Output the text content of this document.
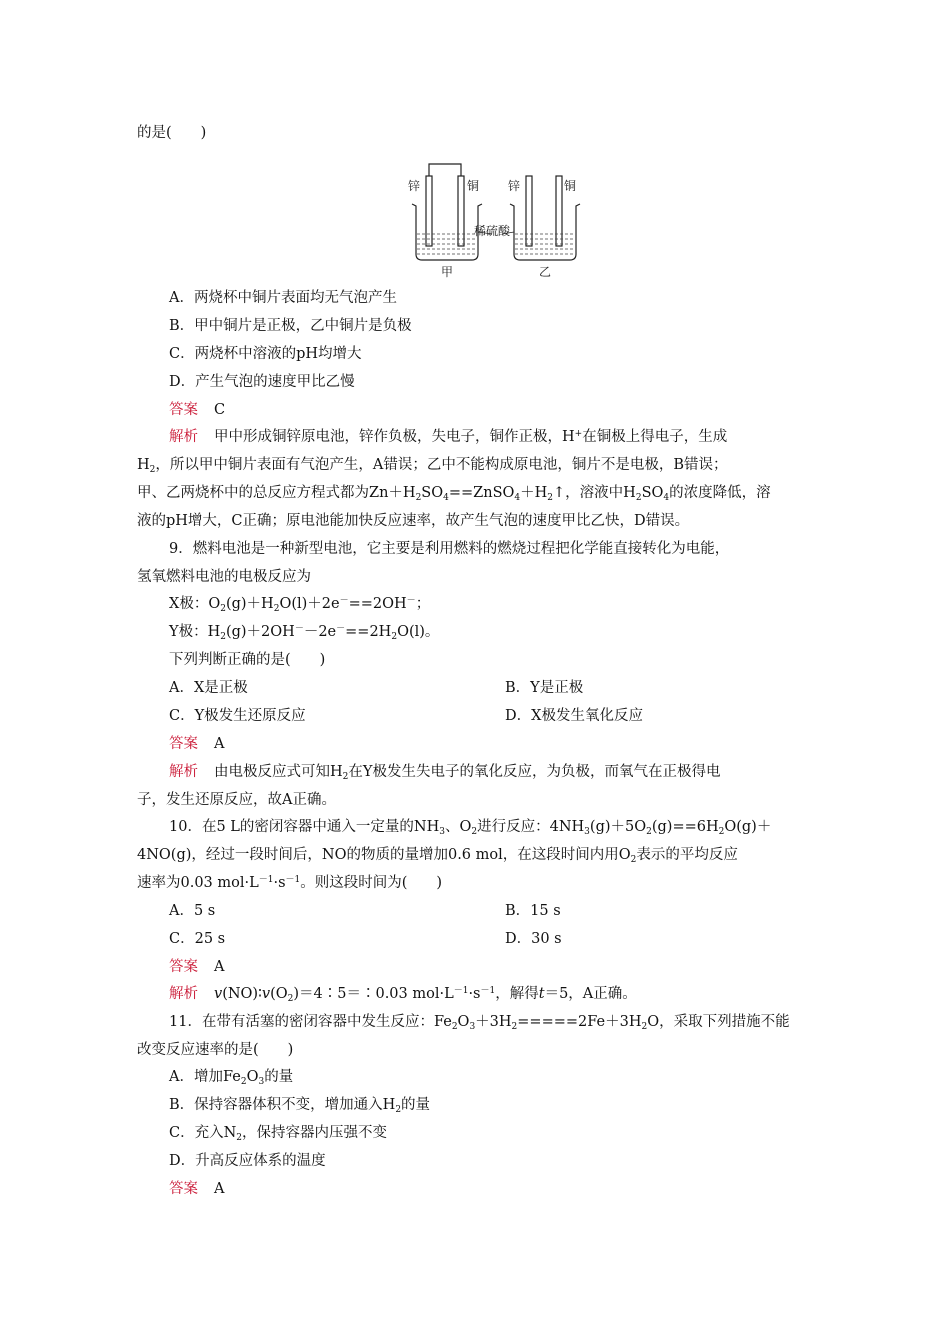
的是(　　)
锌	铜 锌	铜
稀硫酸
甲	乙
A．两烧杯中铜片表面均无气泡产生
B．甲中铜片是正极，乙中铜片是负极
C．两烧杯中溶液的pH均增大
D．产生气泡的速度甲比乙慢
答案 C
解析 甲中形成铜锌原电池，锌作负极，失电子，铜作正极，H+在铜极上得电子，生成
$H_2$，所以甲中铜片表面有气泡产生，A错误；乙中不能构成原电池，铜片不是电极，B错误；
甲、乙两烧杯中的总反应方程式都为$Zn+H_2SO_4==ZnSO_4+H_2↑$，溶液中$H_2SO_4$的浓度降低，溶
液的pH增大，C正确；原电池能加快反应速率，故产生气泡的速度甲比乙快，D错误。
9．燃料电池是一种新型电池，它主要是利用燃料的燃烧过程把化学能直接转化为电能，
氢氧燃料电池的电极反应为
X极：$O_2(g)+H_2O(l)+2e^-==2OH^-$；
Y极：$H_2(g)+2OH^--2e^-==2H_2O(l)$。
下列判断正确的是(　　)
A．X是正极	B．Y是正极
C．Y极发生还原反应	D．X极发生氧化反应
答案 A
解析 由电极反应式可知$H_2$在Y极发生失电子的氧化反应，为负极，而氧气在正极得电
子，发生还原反应，故A正确。
10．在5 L的密闭容器中通入一定量的$NH_3$、$O_2$进行反应：$4NH_3(g)+5O_2(g)==6H_2O(g)+$
4NO(g)，经过一段时间后，NO的物质的量增加0.6 mol，在这段时间内用$O_2$表示的平均反应
速率为0.03 $mol\cdot L^{-1}\cdot s^{-1}$。则这段时间为(　　)
A．5 s	B．15 s
C．25 s	D．30 s
答案 A
解析 $v(NO)∶v(O_2)=4∶5=∶0.03$ $mol\cdot L^{-1}\cdot s^{-1}$，解得t＝5，A正确。
11．在带有活塞的密闭容器中发生反应：$Fe_2O_3+3H_2=====2Fe+3H_2O$，采取下列措施不能
改变反应速率的是(　　)
A．增加$Fe_2O_3$的量
B．保持容器体积不变，增加通入$H_2$的量
C．充入$N_2$，保持容器内压强不变
D．升高反应体系的温度
答案 A
